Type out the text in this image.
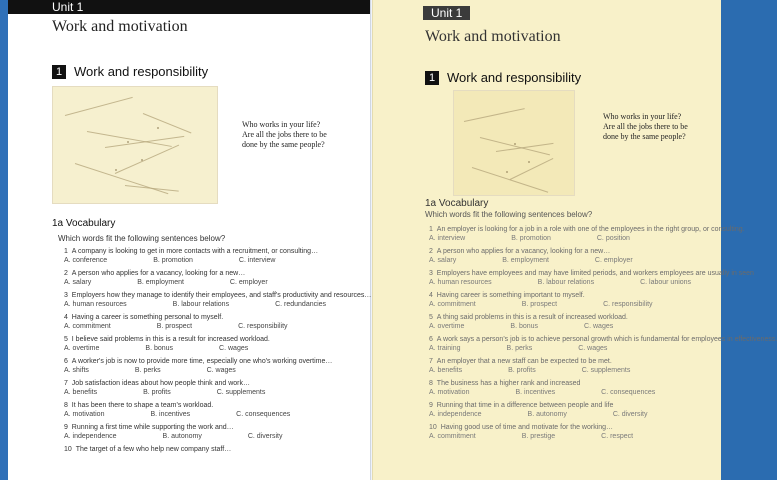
Unit 1
Work and motivation
1 Work and responsibility
Who works in your life? Are all the jobs there to be done by the same people?
1a Vocabulary
Which words fit the following sentences below?
1 A company is looking to get in more contacts with a recruitment, or consulting…
A. conference	B. promotion	C. interview
2 A person who applies for a vacancy, looking for a new…
A. salary	B. employment	C. employer
3 Employers how they manage to identify their employees, and staff's productivity and resources…
A. human resources	B. labour relations	C. redundancies
4 Having a career is something personal to myself.
A. commitment	B. prospect	C. responsibility
5 I believe said problems in this is a result for increased workload.
A. overtime	B. bonus	C. wages
6 A worker's job is now to provide more time, especially one who's working overtime…
A. shifts	B. perks	C. wages
7 Job satisfaction ideas about how people think and work…
A. benefits	B. profits	C. supplements
8 It has been there to shape a team's workload.
A. motivation	B. incentives	C. consequences
9 Running a first time while supporting the work and…
A. independence	B. autonomy	C. diversity
10 The target of a few who help new company staff…
Unit 1
Work and motivation
1 Work and responsibility
Who works in your life? Are all the jobs there to be done by the same people?
1a Vocabulary
Which words fit the following sentences below?
1 An employer is looking for a job in a role with one of the employees in the right group, or consulting.
A. interview	B. promotion	C. position
2 A person who applies for a vacancy, looking for a new…
A. salary	B. employment	C. employer
3 Employers have employees and may have limited periods, and workers employees are usually in seen
A. human resources	B. labour relations	C. labour unions
4 Having career is something important to myself.
A. commitment	B. prospect	C. responsibility
5 A thing said problems in this is a result of increased workload.
A. overtime	B. bonus	C. wages
6 A work says a person's job is to achieve personal growth which is fundamental for employees in effectiveness.
A. training	B. perks	C. wages
7 An employer that a new staff can be expected to be met.
A. benefits	B. profits	C. supplements
8 The business has a higher rank and increased
A. motivation	B. incentives	C. consequences
9 Running that time in a difference between people and life
A. independence	B. autonomy	C. diversity
10 Having good use of time and motivate for the working…
A. commitment	B. prestige	C. respect
